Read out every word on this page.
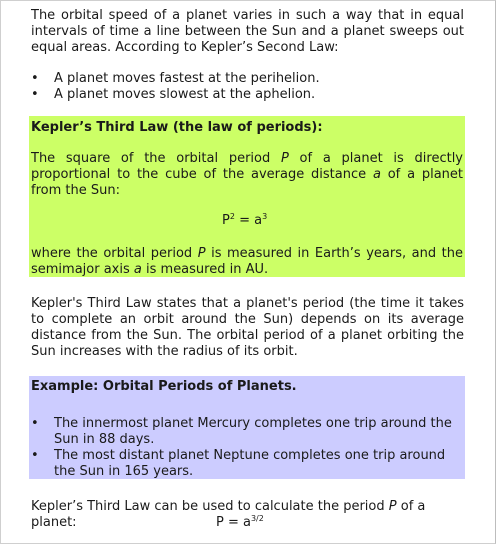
The orbital speed of a planet varies in such a way that in equal intervals of time a line between the Sun and a planet sweeps out equal areas. According to Kepler’s Second Law:

• A planet moves fastest at the perihelion.
• A planet moves slowest at the aphelion.
Kepler’s Third Law (the law of periods):

The square of the orbital period P of a planet is directly proportional to the cube of the average distance a of a planet from the Sun:

$P^2 = a^3$

where the orbital period P is measured in Earth’s years, and the semimajor axis a is measured in AU.

Kepler's Third Law states that a planet's period (the time it takes to complete an orbit around the Sun) depends on its average distance from the Sun. The orbital period of a planet orbiting the Sun increases with the radius of its orbit.

Example: Orbital Periods of Planets.
• The innermost planet Mercury completes one trip around the Sun in 88 days.
• The most distant planet Neptune completes one trip around the Sun in 165 years.
Kepler’s Third Law can be used to calculate the period P of a
planet:	$P = a^{3/2}$
